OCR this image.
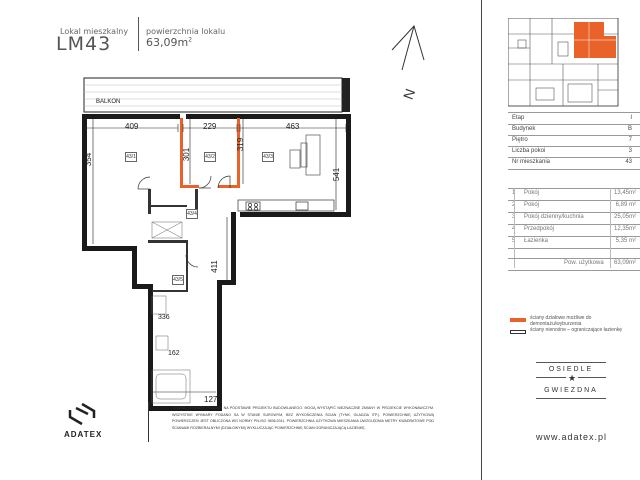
Lokal mieszkalny
LM43
powierzchnia lokalu
$63,09m^2$
N
BALKON
409	229	463
354	301
319
541
411
127
336
162
43/1	43/2	43/3
43/4
43/5
Etap	I
Budynek	B
Piętro	7
Liczba pokoi	3
Nr mieszkania	43
1 Pokój	13,45m²
2 Pokój	6,89 m²
3 Pokój dzienny/kuchnia	25,05m²
4 Przedpokój	12,35m²
5 Łazienka	5,35 m²
Pow. użytkowa 63,09m²
ściany działowe możliwe do demontażu/wyburzenia
ściany nienośne – ograniczające łazienkę
OSIEDLE
★
GWIEZDNA
www.adatex.pl
ADATEX
UWAGA: WYMIARY PODANO NA PODSTAWIE PROJEKTU BUDOWLANEGO. MOGĄ WYSTĄPIĆ NIEZNACZNE ZMIANY W PROJEKCIE WYKONAWCZYM. WSZYSTKIE WYMIARY PODANO SA W STANIE SUROWYM, BEZ WYKOŃCZENIA ŚCIAN (TYNK, GŁADZIA ITP.). POWIERZCHNIĘ UŻYTKOWĄ POWIERZCZEŃ JEST OBLICZONA WG NORMY PN-ISO 9836:2011. POWIERZCHNIA UŻYTKOWA MIESZKANIA UWZGLĘDNIA METRY KWADRATOWE POD ŚCIANAMI ROZBIERALNYMI (DZIAŁOWYMI) WYKLUCZAJĄC POWIERZCHNIĘ ŚCIAN OGRANICZAJĄCĄ ŁAZIENKĘ.
